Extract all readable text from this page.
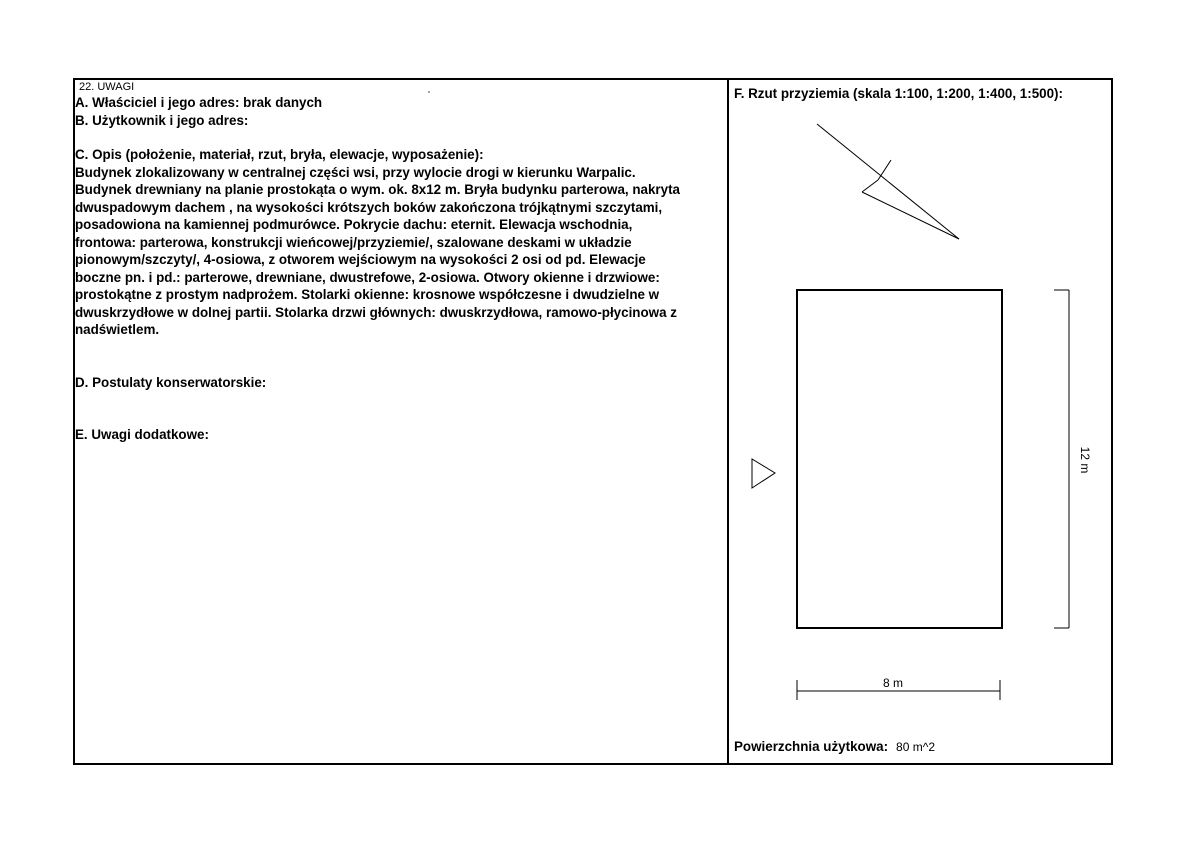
22. UWAGI

A. Właściciel i jego adres: brak danych

B. Użytkownik i jego adres:

C. Opis (położenie, materiał, rzut, bryła, elewacje, wyposażenie):

Budynek zlokalizowany w centralnej części wsi, przy wylocie drogi w kierunku Warpalic.

Budynek drewniany na planie prostokąta o wym. ok. 8x12 m. Bryła budynku parterowa, nakryta

dwuspadowym dachem , na wysokości krótszych boków zakończona trójkątnymi szczytami,

posadowiona na kamiennej podmurówce. Pokrycie dachu: eternit. Elewacja wschodnia,

frontowa: parterowa, konstrukcji wieńcowej/przyziemie/, szalowane deskami w układzie

pionowym/szczyty/, 4-osiowa, z otworem wejściowym na wysokości 2 osi od pd. Elewacje

boczne pn. i pd.: parterowe, drewniane, dwustrefowe, 2-osiowa. Otwory okienne i drzwiowe:

prostokątne z prostym nadprożem. Stolarki okienne: krosnowe współczesne i dwudzielne w

dwuskrzydłowe w dolnej partii. Stolarka drzwi głównych: dwuskrzydłowa, ramowo-płycinowa z

nadświetlem.

D. Postulaty konserwatorskie:

E. Uwagi dodatkowe:

F. Rzut przyziemia (skala 1:100, 1:200, 1:400, 1:500):
12 m
8 m
Powierzchnia użytkowa: 80 m^2
